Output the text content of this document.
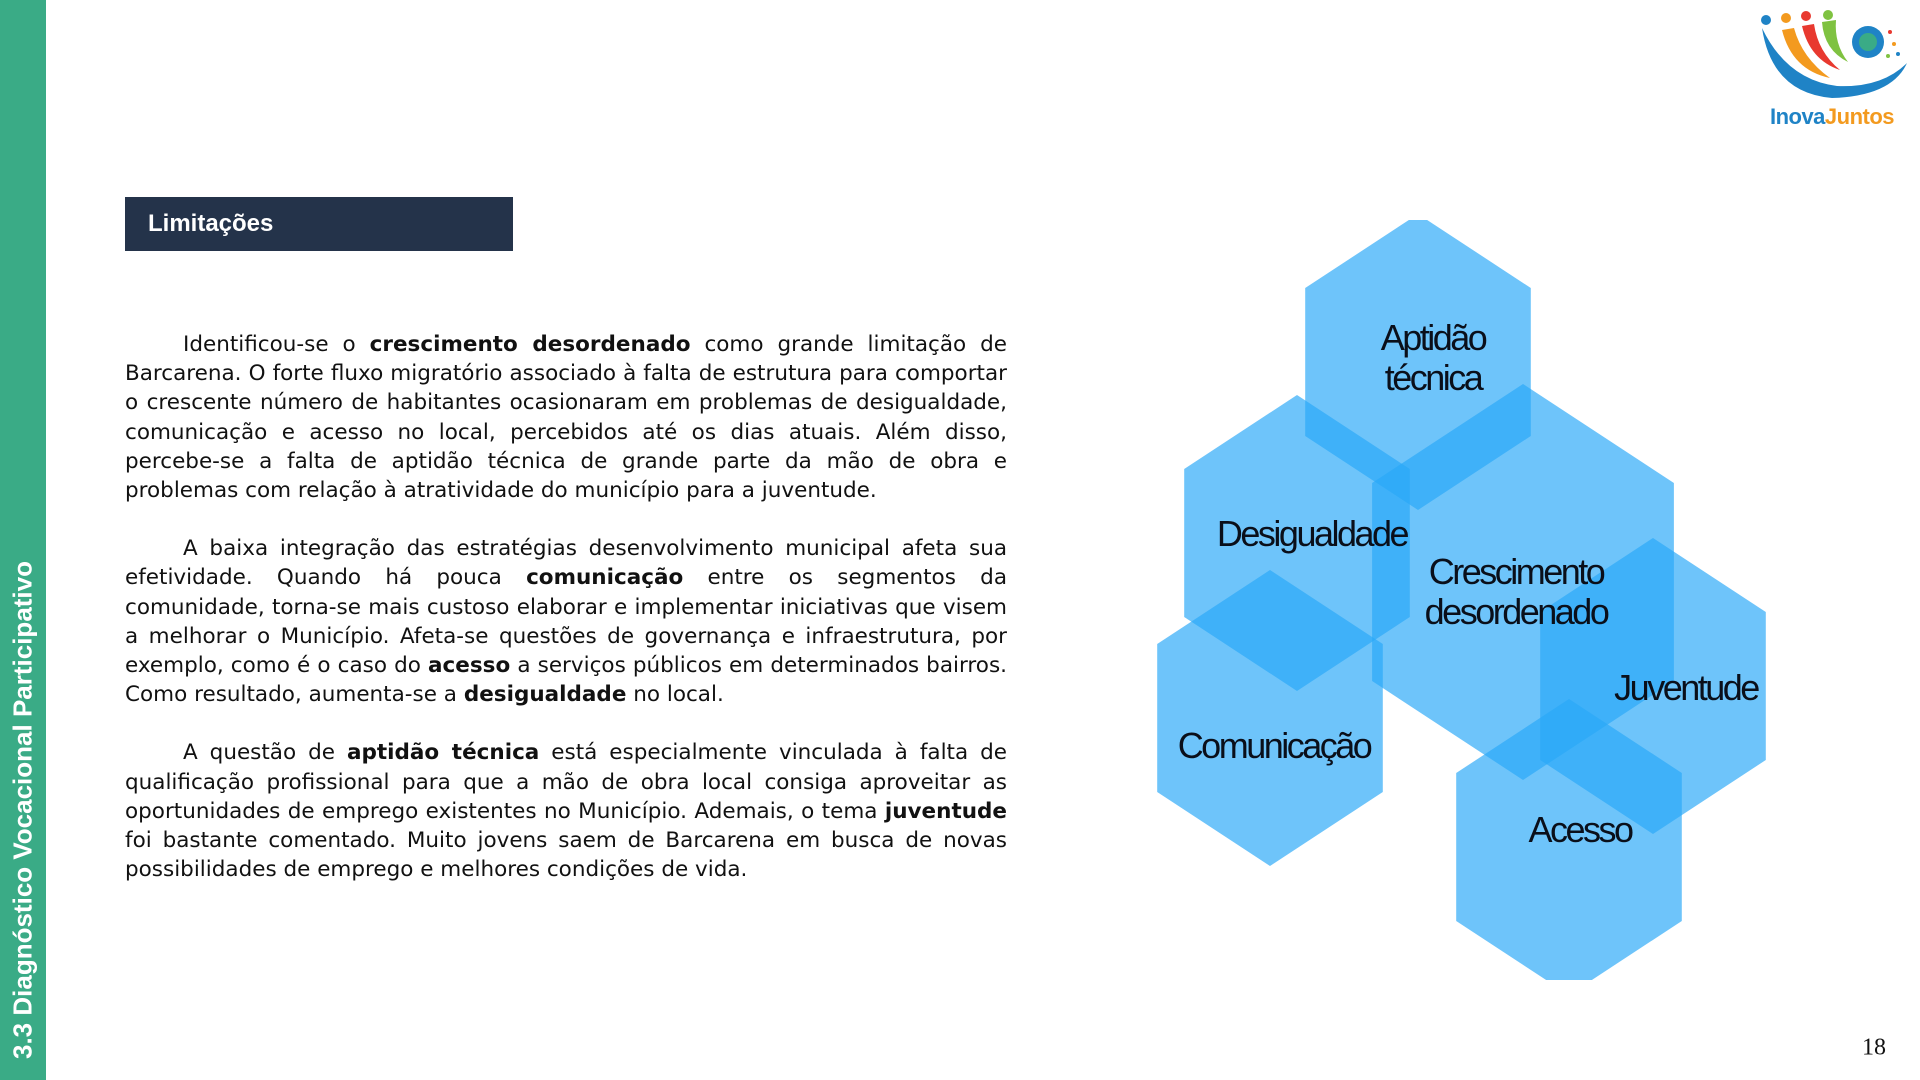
3.3 Diagnóstico Vocacional Participativo
InovaJuntos
Limitações

Identificou-se o crescimento desordenado como grande limitação de Barcarena. O forte fluxo migratório associado à falta de estrutura para comportar o crescente número de habitantes ocasionaram em problemas de desigualdade, comunicação e acesso no local, percebidos até os dias atuais. Além disso, percebe-se a falta de aptidão técnica de grande parte da mão de obra e problemas com relação à atratividade do município para a juventude.

A baixa integração das estratégias desenvolvimento municipal afeta sua efetividade. Quando há pouca comunicação entre os segmentos da comunidade, torna-se mais custoso elaborar e implementar iniciativas que visem a melhorar o Município. Afeta-se questões de governança e infraestrutura, por exemplo, como é o caso do acesso a serviços públicos em determinados bairros. Como resultado, aumenta-se a desigualdade no local.

A questão de aptidão técnica está especialmente vinculada à falta de qualificação profissional para que a mão de obra local consiga aproveitar as oportunidades de emprego existentes no Município. Ademais, o tema juventude foi bastante comentado. Muito jovens saem de Barcarena em busca de novas possibilidades de emprego e melhores condições de vida.

18
Aptidão
técnica
Desigualdade
Crescimento
desordenado
Juventude
Comunicação
Acesso
